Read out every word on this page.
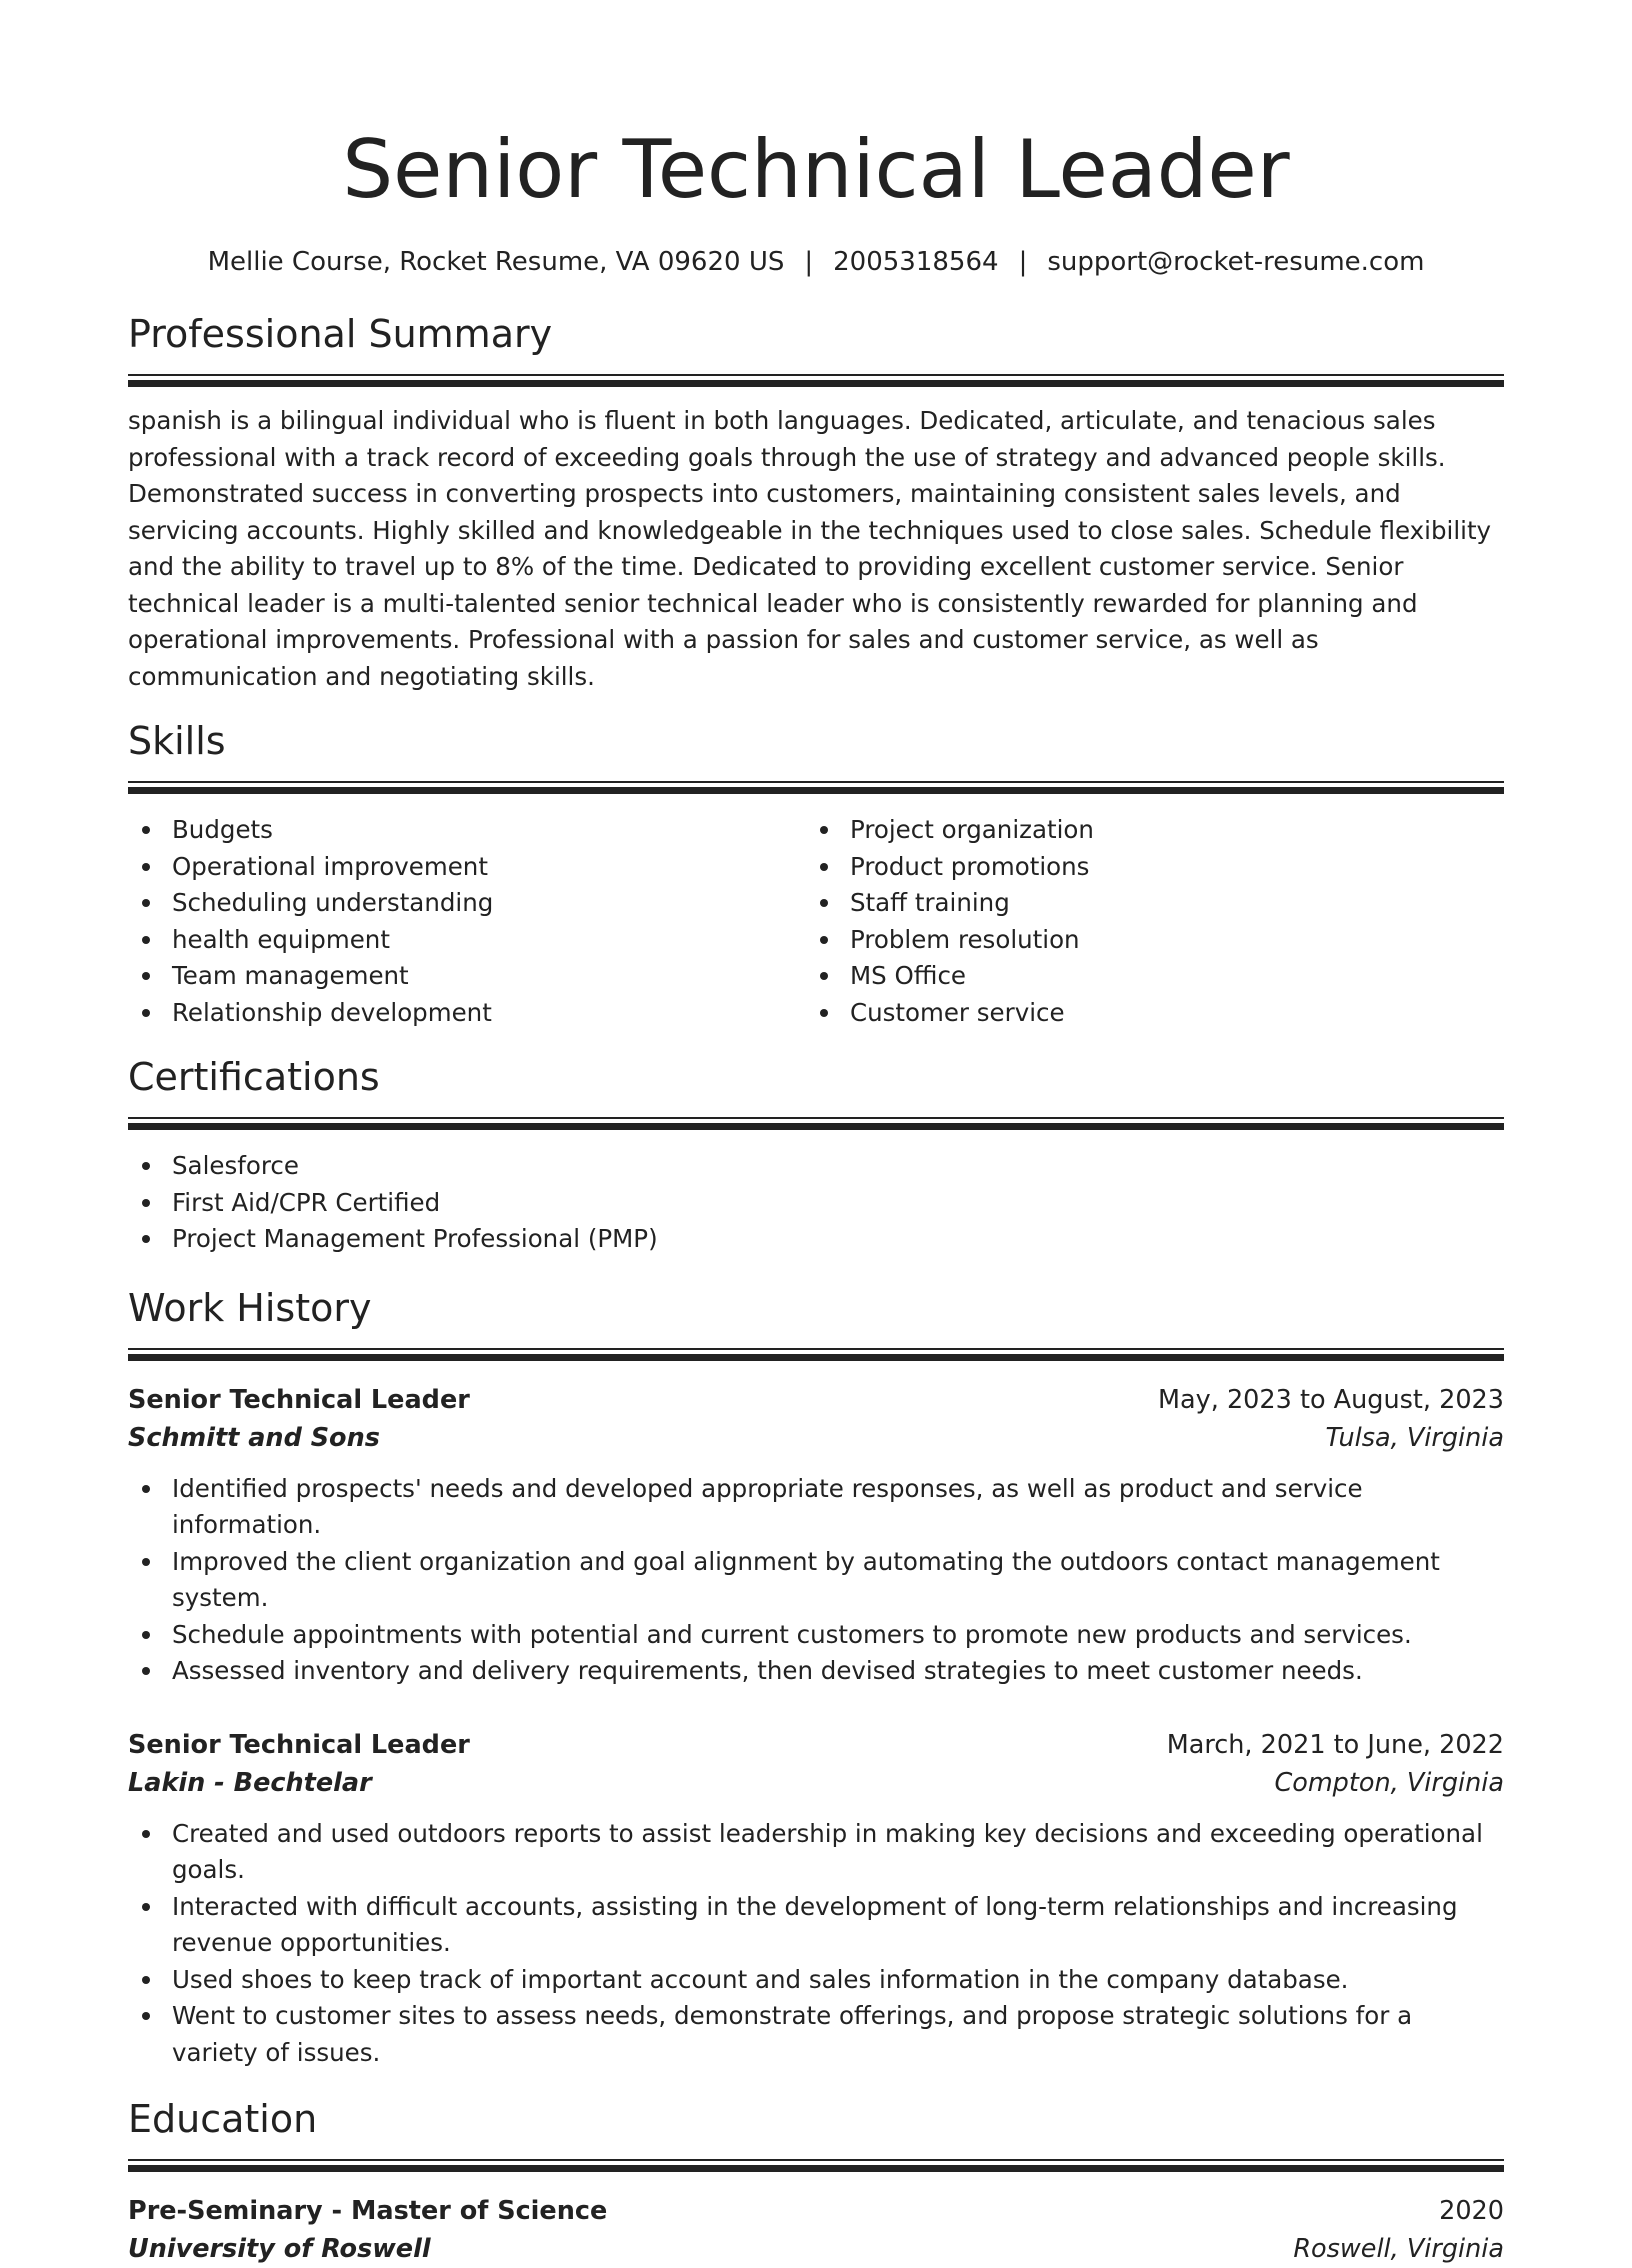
Senior Technical Leader
Mellie Course, Rocket Resume, VA 09620 US | 2005318564 | support@rocket-resume.com
Professional Summary

spanish is a bilingual individual who is fluent in both languages. Dedicated, articulate, and tenacious sales professional with a track record of exceeding goals through the use of strategy and advanced people skills. Demonstrated success in converting prospects into customers, maintaining consistent sales levels, and servicing accounts. Highly skilled and knowledgeable in the techniques used to close sales. Schedule flexibility and the ability to travel up to 8% of the time. Dedicated to providing excellent customer service. Senior technical leader is a multi-talented senior technical leader who is consistently rewarded for planning and operational improvements. Professional with a passion for sales and customer service, as well as communication and negotiating skills.

Skills
Budgets
Operational improvement
Scheduling understanding
health equipment
Team management
Relationship development
Project organization
Product promotions
Staff training
Problem resolution
MS Office
Customer service
Certifications
Salesforce
First Aid/CPR Certified
Project Management Professional (PMP)
Work History
Senior Technical Leader	May, 2023 to August, 2023
Schmitt and Sons	Tulsa, Virginia
Identified prospects' needs and developed appropriate responses, as well as product and service information.
Improved the client organization and goal alignment by automating the outdoors contact management system.
Schedule appointments with potential and current customers to promote new products and services.
Assessed inventory and delivery requirements, then devised strategies to meet customer needs.
Senior Technical Leader	March, 2021 to June, 2022
Lakin - Bechtelar	Compton, Virginia
Created and used outdoors reports to assist leadership in making key decisions and exceeding operational goals.
Interacted with difficult accounts, assisting in the development of long-term relationships and increasing revenue opportunities.
Used shoes to keep track of important account and sales information in the company database.
Went to customer sites to assess needs, demonstrate offerings, and propose strategic solutions for a variety of issues.
Education
Pre-Seminary - Master of Science	2020
University of Roswell	Roswell, Virginia
